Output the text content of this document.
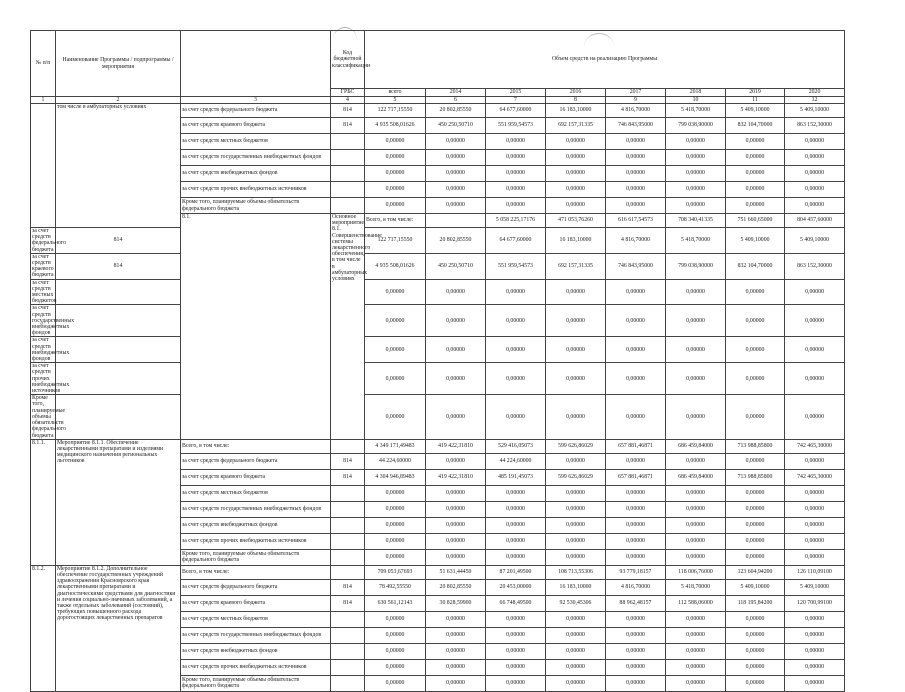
№ п/п	Наименование Программы / подпрограммы / мероприятия		Код бюджетной классификации	Объем средств на реализацию Программы								
			ГРБС	всего	2014	2015	2016	2017	2018	2019	2020	
1	2	3	4	5	6	7	8	9	10	11	12	
	том числе в амбулаторных условиях	за счет средств федерального бюджета	814	122 717,15550	20 802,85550	64 677,60000	16 183,10000	4 816,70000	5 418,70000	5 409,10000	5 409,10000	
		за счет средств краевого бюджета	814	4 935 508,01626	450 250,50710	551 959,54573	692 157,31335	746 843,95000	799 038,90000	832 104,70000	863 152,30000	
		за счет средств местных бюджетов		0,00000	0,00000	0,00000	0,00000	0,00000	0,00000	0,00000	0,00000	
		за счет средств государственных внебюджетных фондов		0,00000	0,00000	0,00000	0,00000	0,00000	0,00000	0,00000	0,00000	
		за счет средств внебюджетных фондов		0,00000	0,00000	0,00000	0,00000	0,00000	0,00000	0,00000	0,00000	
		за счет средств прочих внебюджетных источников		0,00000	0,00000	0,00000	0,00000	0,00000	0,00000	0,00000	0,00000	
		Кроме того, планируемые объемы обязательств федерального бюджета		0,00000	0,00000	0,00000	0,00000	0,00000	0,00000	0,00000	0,00000	
		8.1.	Основное мероприятие 8.1. Совершенствование системы лекарственного обеспечения, в том числе в амбулаторных условиях	Всего, в том числе:		5 058 225,17176	471 053,76260	616 617,54573	708 340,41335	751 660,65000	804 457,60000		
за счет средств федерального бюджета	814			122 717,15550	20 802,85550	64 677,60000	16 183,10000	4 816,70000	5 418,70000	5 409,10000	5 409,10000	
за счет средств краевого бюджета	814			4 935 508,01626	450 250,50710	551 959,54573	692 157,31335	746 843,95000	799 038,90000	832 104,70000	863 152,30000	
за счет средств местных бюджетов				0,00000	0,00000	0,00000	0,00000	0,00000	0,00000	0,00000	0,00000	
за счет средств государственных внебюджетных фондов				0,00000	0,00000	0,00000	0,00000	0,00000	0,00000	0,00000	0,00000	
за счет средств внебюджетных фондов				0,00000	0,00000	0,00000	0,00000	0,00000	0,00000	0,00000	0,00000	
за счет средств прочих внебюджетных источников				0,00000	0,00000	0,00000	0,00000	0,00000	0,00000	0,00000	0,00000	
Кроме того, планируемые объемы обязательств федерального бюджета				0,00000	0,00000	0,00000	0,00000	0,00000	0,00000	0,00000	0,00000	
8.1.1.	Мероприятие 8.1.1. Обеспечение лекарственными препаратами и изделиями медицинского назначения региональных льготников	Всего, в том числе:		4 349 171,49483	419 422,31810	529 416,05073	599 626,86029	657 881,46871	686 459,84000	713 988,85800	742 465,30000	
		за счет средств федерального бюджета	814	44 224,60000	0,00000	44 224,60000	0,00000	0,00000	0,00000	0,00000	0,00000	
		за счет средств краевого бюджета	814	4 304 946,89483	419 422,31810	485 191,45073	599 626,86029	657 881,46871	686 459,84000	713 988,85800	742 465,30000	
		за счет средств местных бюджетов		0,00000	0,00000	0,00000	0,00000	0,00000	0,00000	0,00000	0,00000	
		за счет средств государственных внебюджетных фондов		0,00000	0,00000	0,00000	0,00000	0,00000	0,00000	0,00000	0,00000	
		за счет средств внебюджетных фондов		0,00000	0,00000	0,00000	0,00000	0,00000	0,00000	0,00000	0,00000	
		за счет средств прочих внебюджетных источников		0,00000	0,00000	0,00000	0,00000	0,00000	0,00000	0,00000	0,00000	
		Кроме того, планируемые объемы обязательств федерального бюджета		0,00000	0,00000	0,00000	0,00000	0,00000	0,00000	0,00000	0,00000	
8.1.2.	Мероприятие 8.1.2. Дополнительное обеспечение государственных учреждений здравоохранения Красноярского края лекарственными препаратами и диагностическими средствами для диагностики и лечения социально-значимых заболеваний, а также отдельных заболеваний (состояний), требующих повышенного расхода дорогостоящих лекарственных препаратов	Всего, в том числе:		709 053,67693	51 631,44450	87 201,49500	108 713,55306	93 779,18157	118 006,76000	123 604,94200	126 110,09100	
		за счет средств федерального бюджета	814	78 492,55550	20 802,85550	20 453,00000	16 183,10000	4 816,70000	5 418,70000	5 409,10000	5 409,10000	
		за счет средств краевого бюджета	814	630 561,12143	30 828,59900	66 748,49500	92 530,45306	88 962,48157	112 588,06000	118 195,84200	120 700,99100	
		за счет средств местных бюджетов		0,00000	0,00000	0,00000	0,00000	0,00000	0,00000	0,00000	0,00000	
		за счет средств государственных внебюджетных фондов		0,00000	0,00000	0,00000	0,00000	0,00000	0,00000	0,00000	0,00000	
		за счет средств внебюджетных фондов		0,00000	0,00000	0,00000	0,00000	0,00000	0,00000	0,00000	0,00000	
		за счет средств прочих внебюджетных источников		0,00000	0,00000	0,00000	0,00000	0,00000	0,00000	0,00000	0,00000	
		Кроме того, планируемые объемы обязательств федерального бюджета		0,00000	0,00000	0,00000	0,00000	0,00000	0,00000	0,00000	0,00000	
